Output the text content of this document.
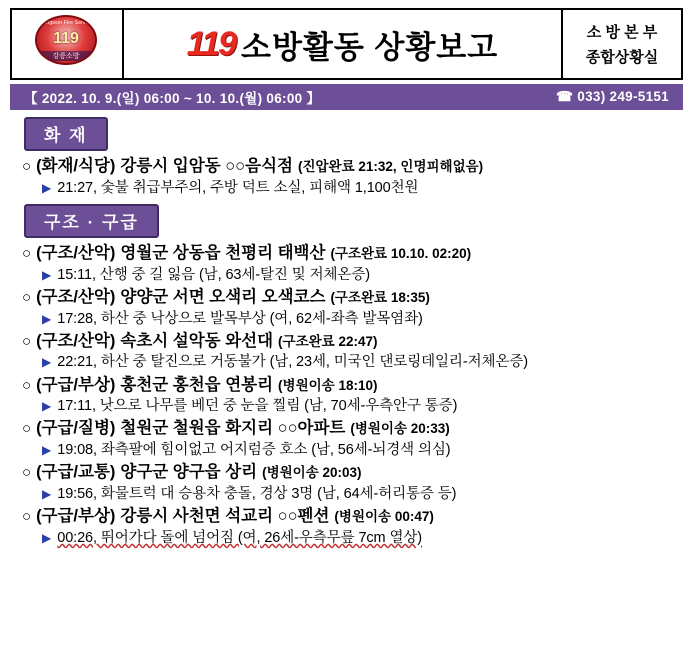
Gangwon Fire Service
119
강릉소방	119 소방활동 상황보고	소 방 본 부
종합상황실
【 2022. 10. 9.(일) 06:00 ~ 10. 10.(월) 06:00 】	☎ 033) 249-5151
화 재
○ (화재/식당) 강릉시 입암동 ○○음식점 (진압완료 21:32, 인명피해없음)
▶ 21:27, 숯불 취급부주의, 주방 덕트 소실, 피해액 1,100천원
구조 · 구급
○ (구조/산악) 영월군 상동읍 천평리 태백산 (구조완료 10.10. 02:20)
▶ 15:11, 산행 중 길 잃음 (남, 63세-탈진 및 저체온증)
○ (구조/산악) 양양군 서면 오색리 오색코스 (구조완료 18:35)
▶ 17:28, 하산 중 낙상으로 발목부상 (여, 62세-좌측 발목염좌)
○ (구조/산악) 속초시 설악동 와선대 (구조완료 22:47)
▶ 22:21, 하산 중 탈진으로 거동불가 (남, 23세, 미국인 댄로링데일리-저체온증)
○ (구급/부상) 홍천군 홍천읍 연봉리 (병원이송 18:10)
▶ 17:11, 낫으로 나무를 베던 중 눈을 찔림 (남, 70세-우측안구 통증)
○ (구급/질병) 철원군 철원읍 화지리 ○○아파트 (병원이송 20:33)
▶ 19:08, 좌측팔에 힘이없고 어지럼증 호소 (남, 56세-뇌경색 의심)
○ (구급/교통) 양구군 양구읍 상리 (병원이송 20:03)
▶ 19:56, 화물트럭 대 승용차 충돌, 경상 3명 (남, 64세-허리통증 등)
○ (구급/부상) 강릉시 사천면 석교리 ○○펜션 (병원이송 00:47)
▶ 00:26, 뛰어가다 돌에 넘어짐 (여, 26세-우측무릎 7cm 열상)
